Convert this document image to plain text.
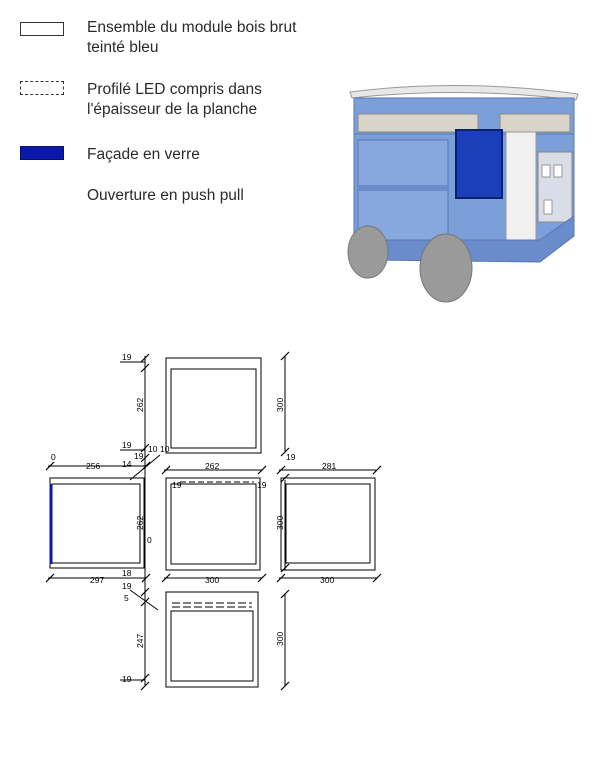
Ensemble du module bois brut
teinté bleu
Profilé LED compris dans
l'épaisseur de la planche
Façade en verre
Ouverture en push pull
19
262
19
300
10 10
19
14
0
256
297
262
0
262
300
19	19
19
281
300
300
18
19
5
247
19
300
